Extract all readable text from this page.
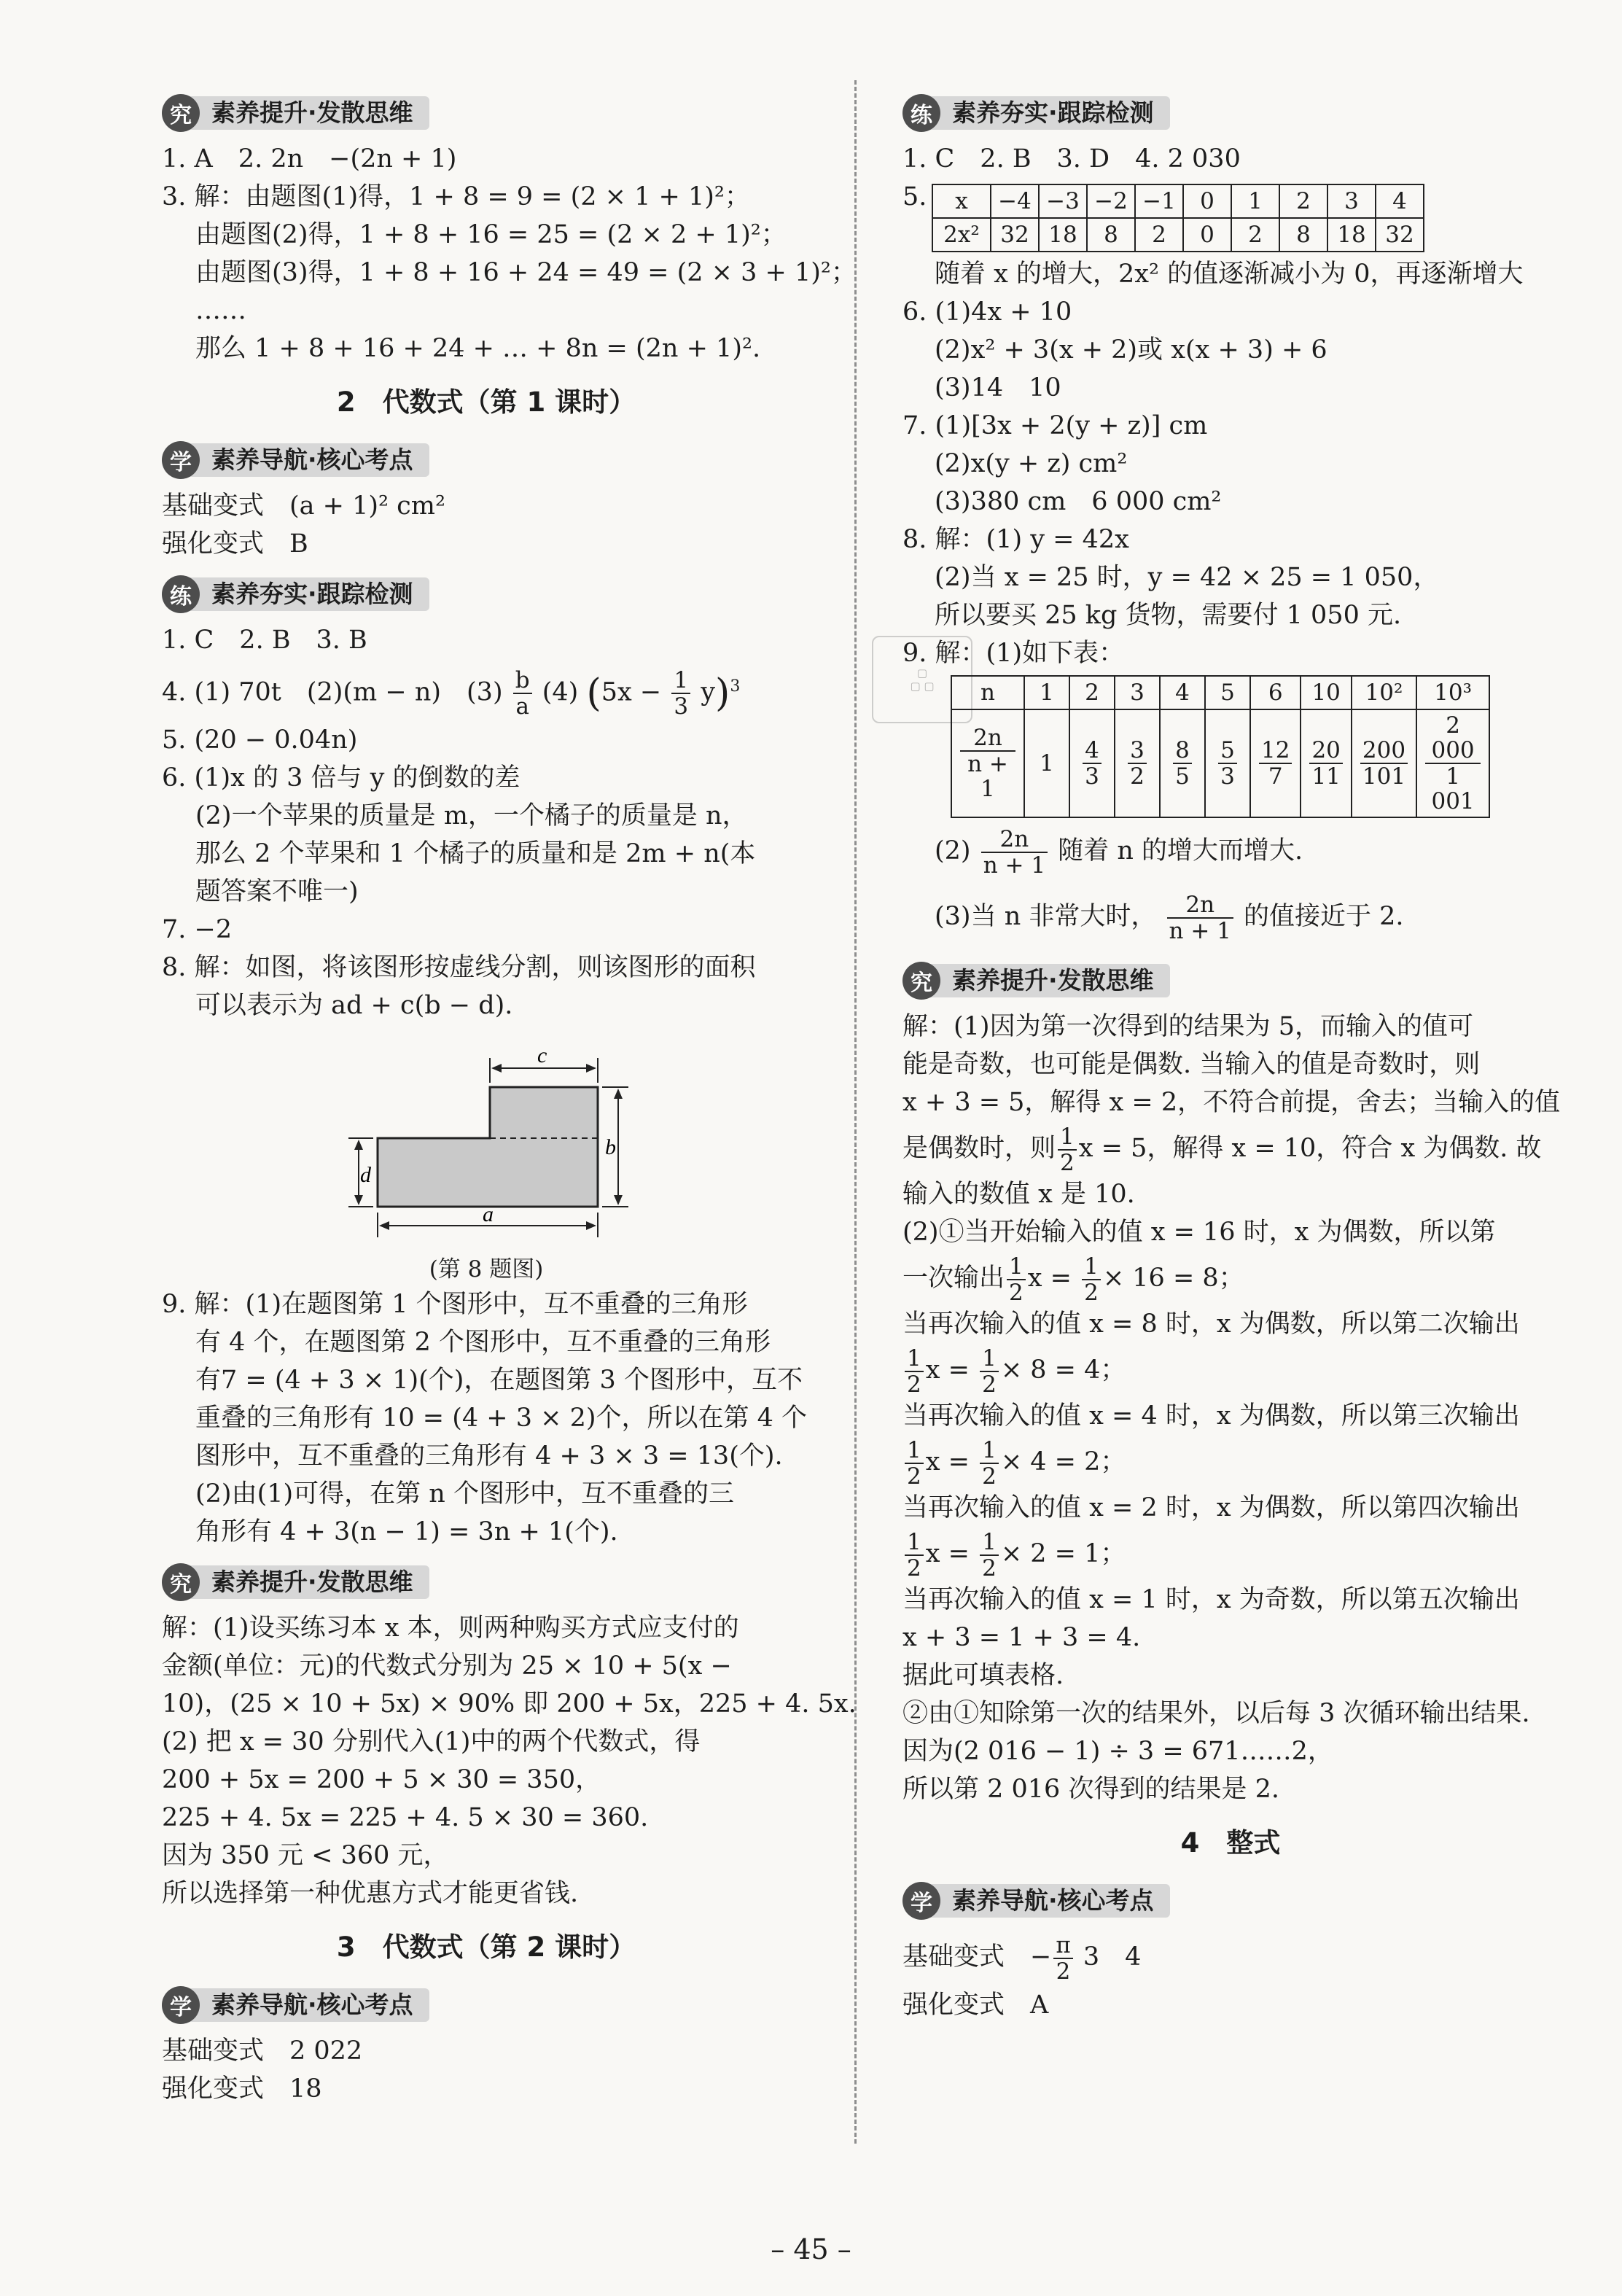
▢
▢ ▢
究 素养提升·发散思维
1. A　2. 2n　−(2n + 1)
3. 解：由题图(1)得，1 + 8 = 9 = (2 × 1 + 1)²；
由题图(2)得，1 + 8 + 16 = 25 = (2 × 2 + 1)²；
由题图(3)得，1 + 8 + 16 + 24 = 49 = (2 × 3 + 1)²；
……
那么 1 + 8 + 16 + 24 + … + 8n = (2n + 1)².
2　代数式（第 1 课时）
学 素养导航·核心考点
基础变式　(a + 1)² cm²
强化变式　B
练 素养夯实·跟踪检测
1. C　2. B　3. B
4. (1) 70t　(2)(m − n)　$(3) \frac{b}{a} (4) (5x - \frac{1}{3} y)^3$
5. (20 − 0.04n)
6. (1)x 的 3 倍与 y 的倒数的差
(2)一个苹果的质量是 m，一个橘子的质量是 n，
那么 2 个苹果和 1 个橘子的质量和是 2m + n(本
题答案不唯一)
7. −2
8. 解：如图，将该图形按虚线分割，则该图形的面积
可以表示为 ad + c(b − d).
c
b
d
a
(第 8 题图)
9. 解：(1)在题图第 1 个图形中，互不重叠的三角形
有 4 个，在题图第 2 个图形中，互不重叠的三角形
有7 = (4 + 3 × 1)(个)，在题图第 3 个图形中，互不
重叠的三角形有 10 = (4 + 3 × 2)个，所以在第 4 个
图形中，互不重叠的三角形有 4 + 3 × 3 = 13(个).
(2)由(1)可得，在第 n 个图形中，互不重叠的三
角形有 4 + 3(n − 1) = 3n + 1(个).
究 素养提升·发散思维
解：(1)设买练习本 x 本，则两种购买方式应支付的
金额(单位：元)的代数式分别为 25 × 10 + 5(x −
10)，(25 × 10 + 5x) × 90% 即 200 + 5x，225 + 4. 5x.
(2) 把 x = 30 分别代入(1)中的两个代数式，得
200 + 5x = 200 + 5 × 30 = 350，
225 + 4. 5x = 225 + 4. 5 × 30 = 360.
因为 350 元 < 360 元，
所以选择第一种优惠方式才能更省钱.
3　代数式（第 2 课时）
学 素养导航·核心考点
基础变式　2 022
强化变式　18
练 素养夯实·跟踪检测
1. C　2. B　3. D　4. 2 030
5. x	−4	−3	−2	−1	0	1	2	3	4
2x²	32	18	8	2	0	2	8	18	32
随着 x 的增大，2x² 的值逐渐减小为 0，再逐渐增大
6. (1)4x + 10
(2)x² + 3(x + 2)或 x(x + 3) + 6
(3)14　10
7. (1)[3x + 2(y + z)] cm
(2)x(y + z) cm²
(3)380 cm　6 000 cm²
8. 解：(1) y = 42x
(2)当 x = 25 时，y = 42 × 25 = 1 050，
所以要买 25 kg 货物，需要付 1 050 元.
9. 解：(1)如下表：
n	1	2	3	4	5	6	10	10²	10³

$\frac{2n}{n + 1}$	1	$\frac{4}{3}$	$\frac{3}{2}$	$\frac{8}{5}$	$\frac{5}{3}$	$\frac{12}{7}$	$\frac{20}{11}$	$\frac{200}{101}$	$\frac{2 000}{1 001}$
$(2) \frac{2n}{n + 1}$ 随着 n 的增大而增大.
(3)当 n 非常大时， $\frac{2n}{n + 1}$ 的值接近于 2.
究 素养提升·发散思维
解：(1)因为第一次得到的结果为 5，而输入的值可
能是奇数，也可能是偶数. 当输入的值是奇数时，则
x + 3 = 5，解得 x = 2，不符合前提，舍去；当输入的值
是偶数时，则 $\frac{1}{2}$ x = 5，解得 x = 10，符合 x 为偶数. 故
输入的数值 x 是 10.
(2)①当开始输入的值 x = 16 时，x 为偶数，所以第
一次输出 $\frac{1}{2}$ $x = \frac{1}{2} \times 16 = 8$；
当再次输入的值 x = 8 时，x 为偶数，所以第二次输出
$\frac{1}{2}$ $x = \frac{1}{2} \times 8 = 4$；
当再次输入的值 x = 4 时，x 为偶数，所以第三次输出
$\frac{1}{2}$ $x = \frac{1}{2} \times 4 = 2$；
当再次输入的值 x = 2 时，x 为偶数，所以第四次输出
$\frac{1}{2}$ $x = \frac{1}{2} \times 2 = 1$；
当再次输入的值 x = 1 时，x 为奇数，所以第五次输出
x + 3 = 1 + 3 = 4.
据此可填表格.
②由①知除第一次的结果外，以后每 3 次循环输出结果.
因为(2 016 − 1) ÷ 3 = 671……2，
所以第 2 016 次得到的结果是 2.
4　整式
学 素养导航·核心考点
基础变式　− $\frac{\pi}{2} 3$　4
强化变式　A
– 45 –
